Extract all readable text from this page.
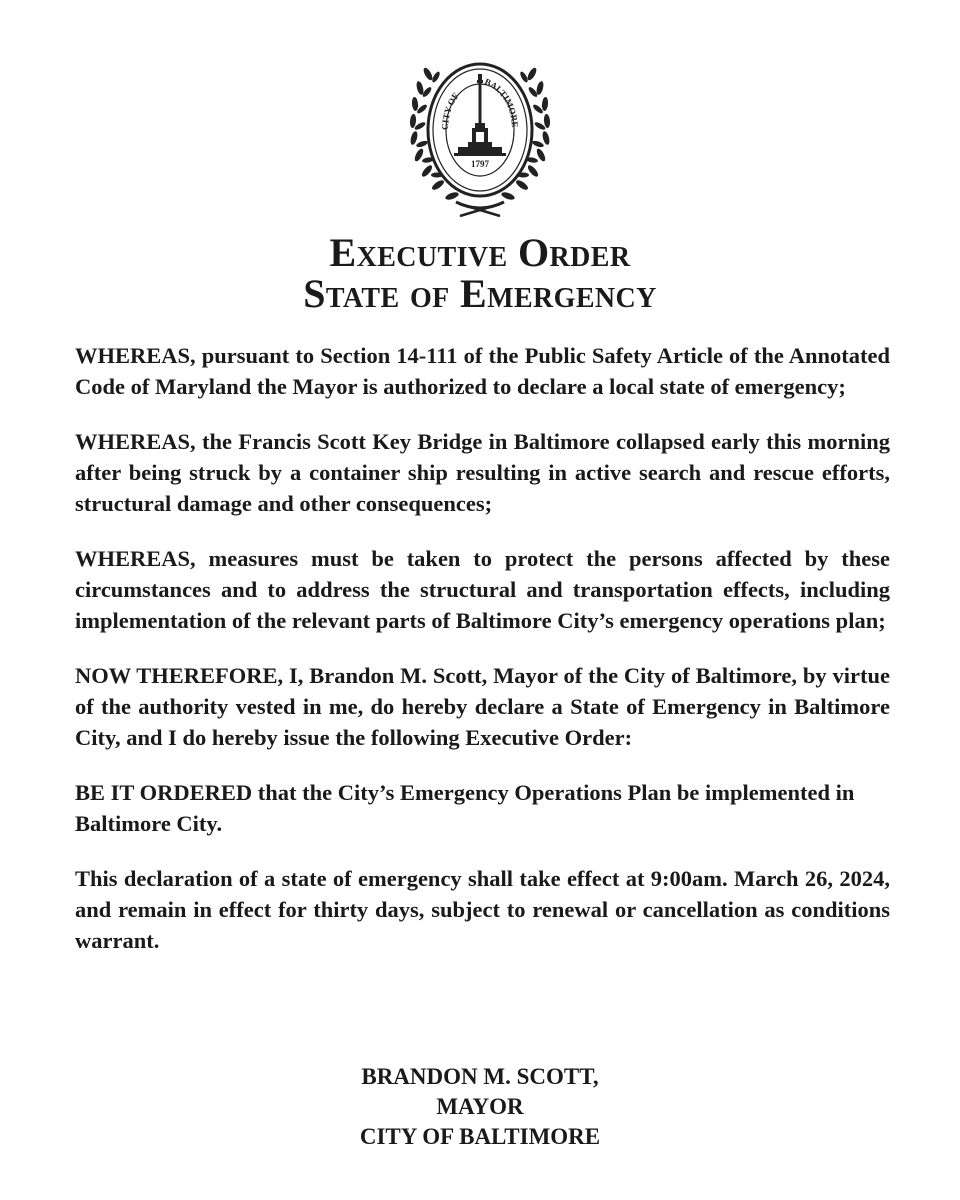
CITY OF
BALTIMORE
1797
1904
Executive Order
State of Emergency

WHEREAS, pursuant to Section 14-111 of the Public Safety Article of the Annotated Code of Maryland the Mayor is authorized to declare a local state of emergency;

WHEREAS, the Francis Scott Key Bridge in Baltimore collapsed early this morning after being struck by a container ship resulting in active search and rescue efforts, structural damage and other consequences;

WHEREAS, measures must be taken to protect the persons affected by these circumstances and to address the structural and transportation effects, including implementation of the relevant parts of Baltimore City’s emergency operations plan;

NOW THEREFORE, I, Brandon M. Scott, Mayor of the City of Baltimore, by virtue of the authority vested in me, do hereby declare a State of Emergency in Baltimore City, and I do hereby issue the following Executive Order:

BE IT ORDERED that the City’s Emergency Operations Plan be implemented in Baltimore City.

This declaration of a state of emergency shall take effect at 9:00am. March 26, 2024, and remain in effect for thirty days, subject to renewal or cancellation as conditions warrant.

BRANDON M. SCOTT,
MAYOR
CITY OF BALTIMORE
